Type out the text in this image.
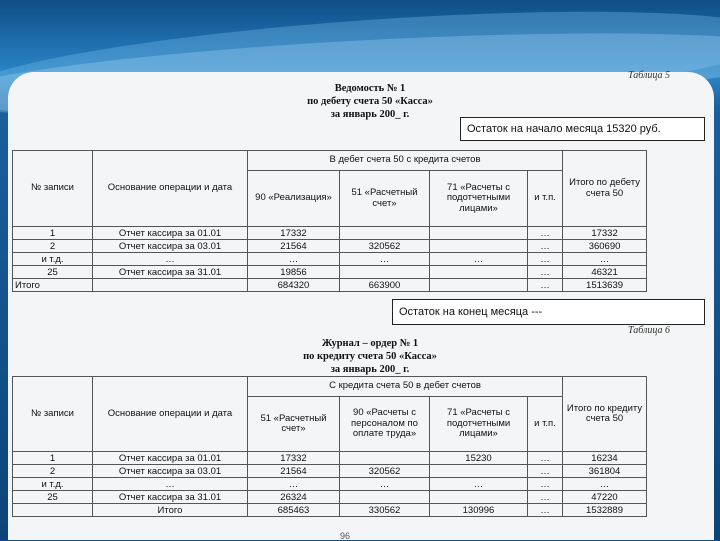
Таблица 5
Ведомость № 1
по дебету счета 50 «Касса»
за январь 200_ г.
Остаток на начало месяца 15320 руб.
№ записи	Основание операции и дата	В дебет счета 50 с кредита счетов				Итого по дебету счета 50
		90 «Реализация»	51 «Расчетный счет»	71 «Расчеты с подотчетными лицами»	и т.п.	
1	Отчет кассира за 01.01	17332			…	17332
2	Отчет кассира за 03.01	21564	320562		…	360690
и т.д.	…	…	…	…	…	…
25	Отчет кассира за 31.01	19856			…	46321
Итого		684320	663900		…	1513639
Остаток на конец месяца ---
Таблица 6
Журнал – ордер № 1
по кредиту счета 50 «Касса»
за январь 200_ г.
№ записи	Основание операции и дата	С кредита счета 50 в дебет счетов				Итого по кредиту счета 50
		51 «Расчетный счет»	90 «Расчеты с персоналом по оплате труда»	71 «Расчеты с подотчетными лицами»	и т.п.	
1	Отчет кассира за 01.01	17332		15230	…	16234
2	Отчет кассира за 03.01	21564	320562		…	361804
и т.д.	…	…	…	…	…	…
25	Отчет кассира за 31.01	26324			…	47220
	Итого	685463	330562	130996	…	1532889
96
